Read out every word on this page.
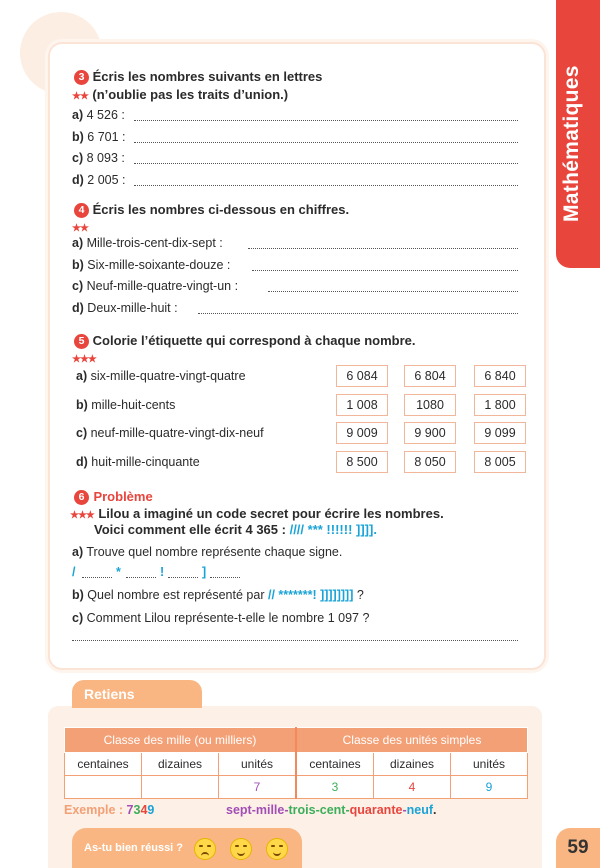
Mathématiques
3 Écris les nombres suivants en lettres
★★ (n’oublie pas les traits d’union.)
a) 4 526 :
b) 6 701 :
c) 8 093 :
d) 2 005 :
4 Écris les nombres ci-dessous en chiffres.
★★
a) Mille-trois-cent-dix-sept :
b) Six-mille-soixante-douze :
c) Neuf-mille-quatre-vingt-un :
d) Deux-mille-huit :
5 Colorie l’étiquette qui correspond à chaque nombre.
★★★
a) six-mille-quatre-vingt-quatre	6 084	6 804	6 840
b) mille-huit-cents	1 008	1080	1 800
c) neuf-mille-quatre-vingt-dix-neuf	9 009	9 900	9 099
d) huit-mille-cinquante	8 500	8 050	8 005
6 Problème
★★★ Lilou a imaginé un code secret pour écrire les nombres.
Voici comment elle écrit 4 365 : //// *** !!!!!! ]]]].
a) Trouve quel nombre représente chaque signe.
/	*	!	]
b) Quel nombre est représenté par // *******! ]]]]]]]] ?
c) Comment Lilou représente-t-elle le nombre 1 097 ?
Retiens
Classe des mille (ou milliers)			Classe des unités simples		
centaines	dizaines	unités	centaines	dizaines	unités
		7	3	4	9
Exemple : 7349	sept-mille-trois-cent-quarante-neuf.
As-tu bien réussi ?	59
